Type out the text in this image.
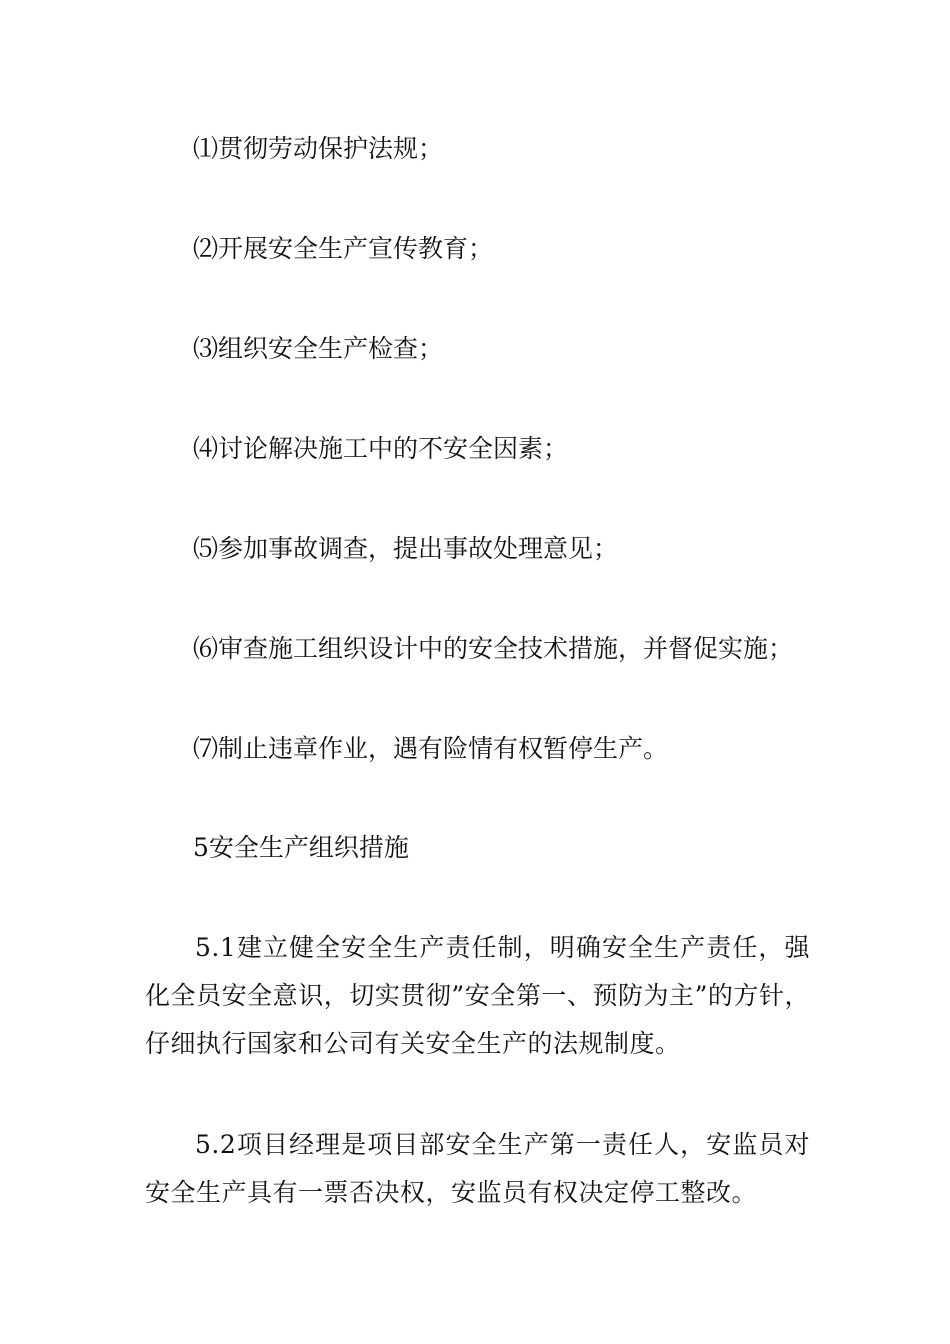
⑴贯彻劳动保护法规；

⑵开展安全生产宣传教育；

⑶组织安全生产检查；

⑷讨论解决施工中的不安全因素；

⑸参加事故调查，提出事故处理意见；

⑹审查施工组织设计中的安全技术措施，并督促实施；

⑺制止违章作业，遇有险情有权暂停生产。

5安全生产组织措施

5.1建立健全安全生产责任制，明确安全生产责任，强化全员安全意识，切实贯彻”安全第一、预防为主”的方针，仔细执行国家和公司有关安全生产的法规制度。

5.2项目经理是项目部安全生产第一责任人，安监员对安全生产具有一票否决权，安监员有权决定停工整改。
